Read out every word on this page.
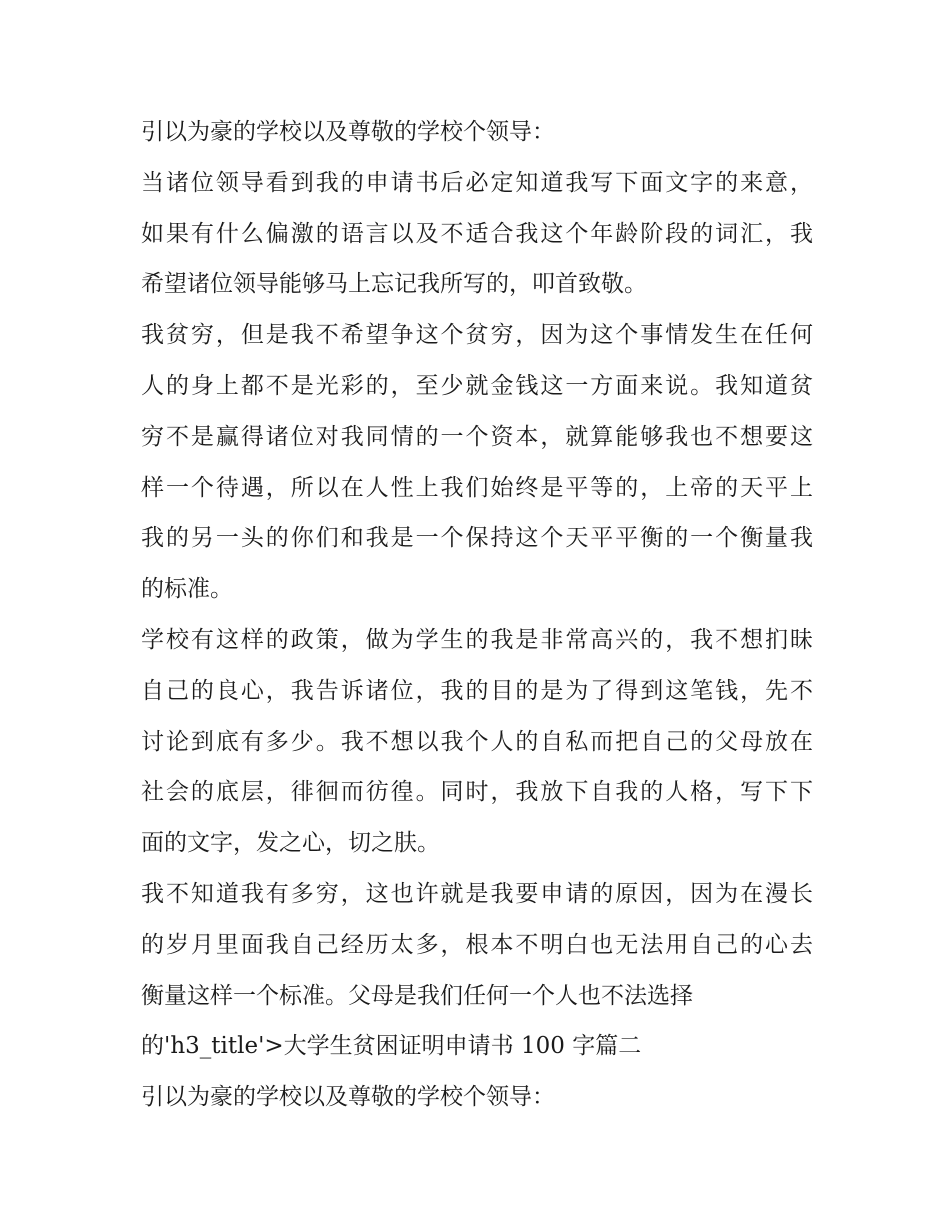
引以为豪的学校以及尊敬的学校个领导：
当诸位领导看到我的申请书后必定知道我写下面文字的来意，
如果有什么偏激的语言以及不适合我这个年龄阶段的词汇，我
希望诸位领导能够马上忘记我所写的，叩首致敬。
我贫穷，但是我不希望争这个贫穷，因为这个事情发生在任何
人的身上都不是光彩的，至少就金钱这一方面来说。我知道贫
穷不是赢得诸位对我同情的一个资本，就算能够我也不想要这
样一个待遇，所以在人性上我们始终是平等的，上帝的天平上
我的另一头的你们和我是一个保持这个天平平衡的一个衡量我
的标准。
学校有这样的政策，做为学生的我是非常高兴的，我不想扪昧
自己的良心，我告诉诸位，我的目的是为了得到这笔钱，先不
讨论到底有多少。我不想以我个人的自私而把自己的父母放在
社会的底层，徘徊而彷徨。同时，我放下自我的人格，写下下
面的文字，发之心，切之肤。
我不知道我有多穷，这也许就是我要申请的原因，因为在漫长
的岁月里面我自己经历太多，根本不明白也无法用自己的心去
衡量这样一个标准。父母是我们任何一个人也不法选择
的'h3_title'>大学生贫困证明申请书 100 字篇二
引以为豪的学校以及尊敬的学校个领导：
